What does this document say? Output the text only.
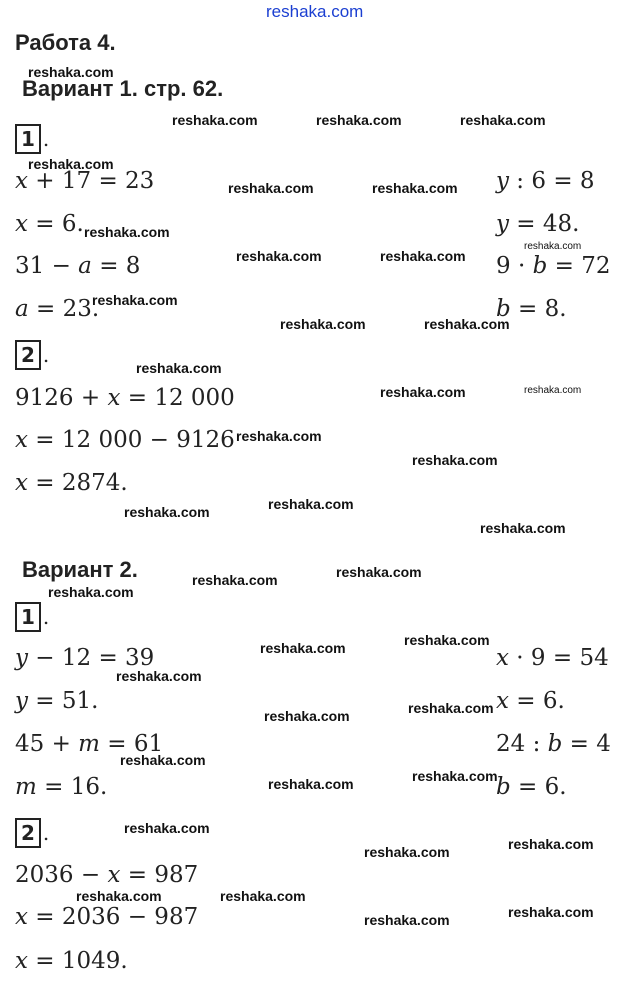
reshaka.com
Работа 4.
Вариант 1. стр. 62.
1 .
x + 17 = 23
x = 6.
31 − a = 8
a = 23.
y : 6 = 8
y = 48.
9 · b = 72
b = 8.
2 .
9126 + x = 12 000
x = 12 000 − 9126
x = 2874.
Вариант 2.
1 .
y − 12 = 39
y = 51.
45 + m = 61
m = 16.
x · 9 = 54
x = 6.
24 : b = 4
b = 6.
2 .
2036 − x = 987
x = 2036 − 987
x = 1049.
reshaka.com
reshaka.com	reshaka.com	reshaka.com
reshaka.com
reshaka.com	reshaka.com
reshaka.com
reshaka.com
reshaka.com	reshaka.com
reshaka.com
reshaka.com	reshaka.com
reshaka.com
reshaka.com	reshaka.com
reshaka.com
reshaka.com
reshaka.com
reshaka.com
reshaka.com
reshaka.com
reshaka.com
reshaka.com
reshaka.com
reshaka.com
reshaka.com
reshaka.com
reshaka.com
reshaka.com
reshaka.com
reshaka.com
reshaka.com
reshaka.com
reshaka.com
reshaka.com	reshaka.com
reshaka.com
reshaka.com
